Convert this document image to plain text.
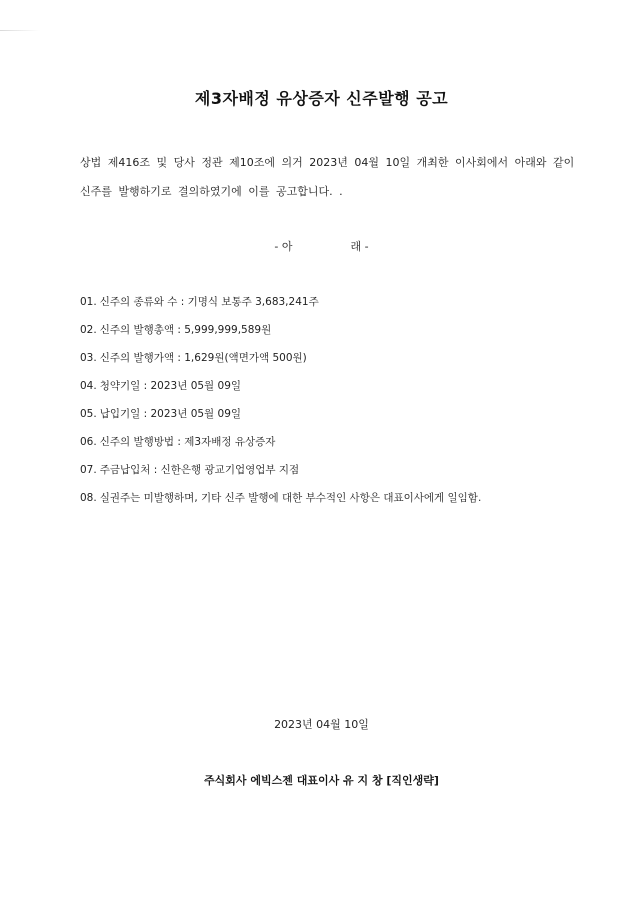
제3자배정 유상증자 신주발행 공고
상법 제416조 및 당사 정관 제10조에 의거 2023년 04월 10일 개최한 이사회에서 아래와 같이
신주를 발행하기로 결의하였기에 이를 공고합니다. .
- 아	래 -
01. 신주의 종류와 수 : 기명식 보통주 3,683,241주
02. 신주의 발행총액 : 5,999,999,589원
03. 신주의 발행가액 : 1,629원(액면가액 500원)
04. 청약기일 : 2023년 05월 09일
05. 납입기일 : 2023년 05월 09일
06. 신주의 발행방법 : 제3자배정 유상증자
07. 주금납입처 : 신한은행 광교기업영업부 지점
08. 실권주는 미발행하며, 기타 신주 발행에 대한 부수적인 사항은 대표이사에게 일임함.
2023년 04월 10일
주식회사 에빅스젠 대표이사 유 지 창 [직인생략]
